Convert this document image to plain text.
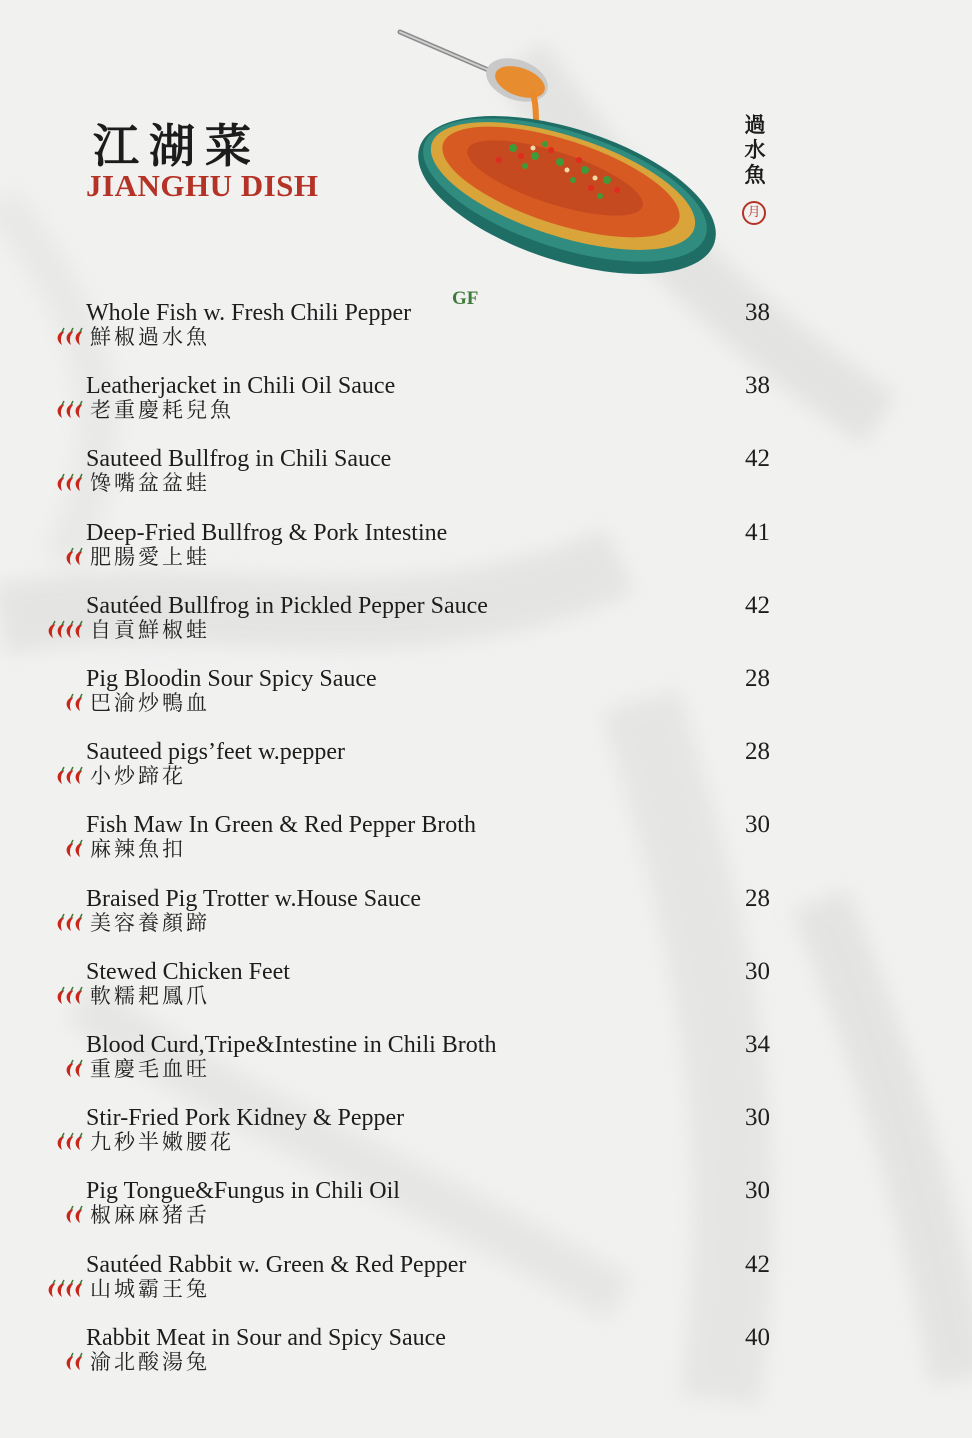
江湖菜
JIANGHU DISH
過水魚
月
Whole Fish w. Fresh Chili Pepper
鮮椒過水魚
38
GF
Leatherjacket in Chili Oil Sauce
老重慶耗兒魚
38
Sauteed Bullfrog in Chili Sauce
馋嘴盆盆蛙
42
Deep-Fried Bullfrog & Pork Intestine
肥腸愛上蛙
41
Sautéed Bullfrog in Pickled Pepper Sauce
自貢鮮椒蛙
42
Pig Bloodin Sour Spicy Sauce
巴渝炒鴨血
28
Sauteed pigs’feet w.pepper
小炒蹄花
28
Fish Maw In Green & Red Pepper Broth
麻辣魚扣
30
Braised Pig Trotter w.House Sauce
美容養顏蹄
28
Stewed Chicken Feet
軟糯耙鳳爪
30
Blood Curd,Tripe&Intestine in Chili Broth
重慶毛血旺
34
Stir-Fried Pork Kidney & Pepper
九秒半嫩腰花
30
Pig Tongue&Fungus in Chili Oil
椒麻麻猪舌
30
Sautéed Rabbit w. Green & Red Pepper
山城霸王兔
42
Rabbit Meat in Sour and Spicy Sauce
渝北酸湯兔
40
